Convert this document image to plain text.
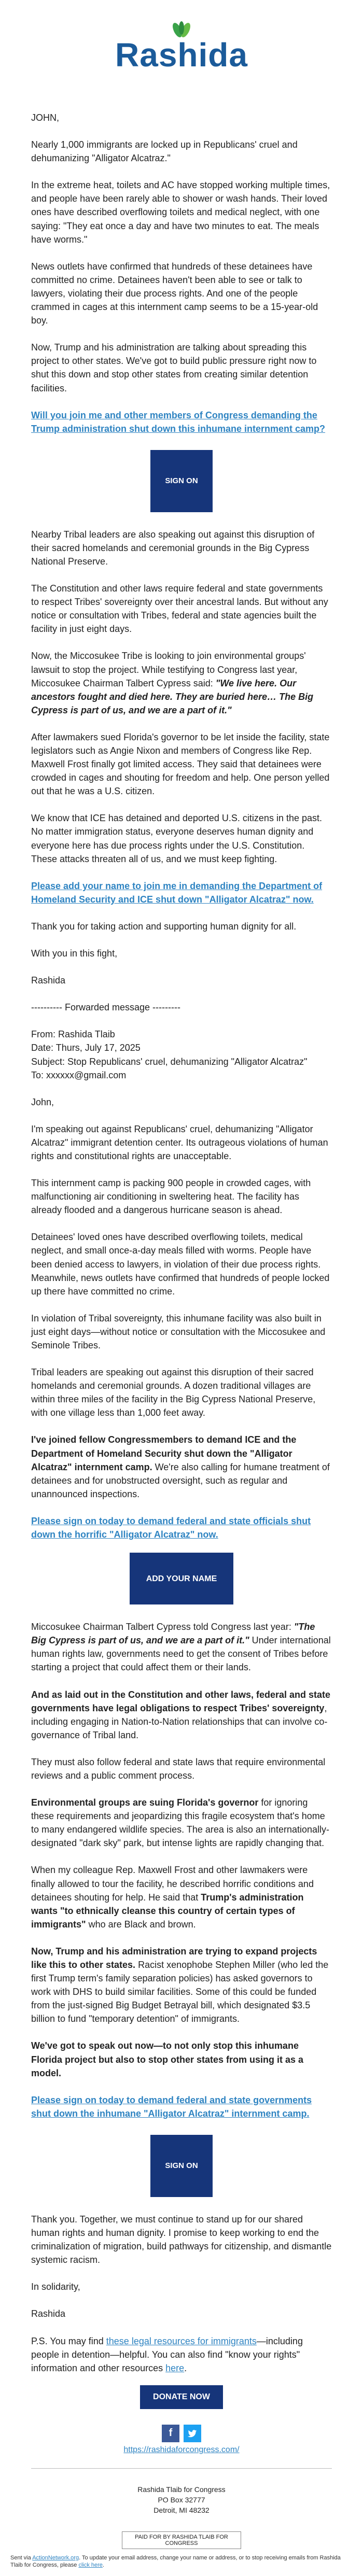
Rashida

JOHN,

Nearly 1,000 immigrants are locked up in Republicans' cruel and dehumanizing "Alligator Alcatraz."

In the extreme heat, toilets and AC have stopped working multiple times, and people have been rarely able to shower or wash hands. Their loved ones have described overflowing toilets and medical neglect, with one saying: "They eat once a day and have two minutes to eat. The meals have worms."

News outlets have confirmed that hundreds of these detainees have committed no crime. Detainees haven't been able to see or talk to lawyers, violating their due process rights. And one of the people crammed in cages at this internment camp seems to be a 15-year-old boy.

Now, Trump and his administration are talking about spreading this project to other states. We've got to build public pressure right now to shut this down and stop other states from creating similar detention facilities.

Will you join me and other members of Congress demanding the Trump administration shut down this inhumane internment camp?

SIGN ON

Nearby Tribal leaders are also speaking out against this disruption of their sacred homelands and ceremonial grounds in the Big Cypress National Preserve.

The Constitution and other laws require federal and state governments to respect Tribes' sovereignty over their ancestral lands. But without any notice or consultation with Tribes, federal and state agencies built the facility in just eight days.

Now, the Miccosukee Tribe is looking to join environmental groups' lawsuit to stop the project. While testifying to Congress last year, Miccosukee Chairman Talbert Cypress said: "We live here. Our ancestors fought and died here. They are buried here… The Big Cypress is part of us, and we are a part of it."

After lawmakers sued Florida's governor to be let inside the facility, state legislators such as Angie Nixon and members of Congress like Rep. Maxwell Frost finally got limited access. They said that detainees were crowded in cages and shouting for freedom and help. One person yelled out that he was a U.S. citizen.

We know that ICE has detained and deported U.S. citizens in the past. No matter immigration status, everyone deserves human dignity and everyone here has due process rights under the U.S. Constitution. These attacks threaten all of us, and we must keep fighting.

Please add your name to join me in demanding the Department of Homeland Security and ICE shut down "Alligator Alcatraz" now.

Thank you for taking action and supporting human dignity for all.

With you in this fight,

Rashida

---------- Forwarded message ---------
From: Rashida Tlaib
Date: Thurs, July 17, 2025
Subject: Stop Republicans' cruel, dehumanizing "Alligator Alcatraz"
To: xxxxxx@gmail.com

John,

I'm speaking out against Republicans' cruel, dehumanizing "Alligator Alcatraz" immigrant detention center. Its outrageous violations of human rights and constitutional rights are unacceptable.

This internment camp is packing 900 people in crowded cages, with malfunctioning air conditioning in sweltering heat. The facility has already flooded and a dangerous hurricane season is ahead.

Detainees' loved ones have described overflowing toilets, medical neglect, and small once-a-day meals filled with worms. People have been denied access to lawyers, in violation of their due process rights. Meanwhile, news outlets have confirmed that hundreds of people locked up there have committed no crime.

In violation of Tribal sovereignty, this inhumane facility was also built in just eight days—without notice or consultation with the Miccosukee and Seminole Tribes.

Tribal leaders are speaking out against this disruption of their sacred homelands and ceremonial grounds. A dozen traditional villages are within three miles of the facility in the Big Cypress National Preserve, with one village less than 1,000 feet away.

I've joined fellow Congressmembers to demand ICE and the Department of Homeland Security shut down the "Alligator Alcatraz" internment camp. We're also calling for humane treatment of detainees and for unobstructed oversight, such as regular and unannounced inspections.

Please sign on today to demand federal and state officials shut down the horrific "Alligator Alcatraz" now.

ADD YOUR NAME

Miccosukee Chairman Talbert Cypress told Congress last year: "The Big Cypress is part of us, and we are a part of it." Under international human rights law, governments need to get the consent of Tribes before starting a project that could affect them or their lands.

And as laid out in the Constitution and other laws, federal and state governments have legal obligations to respect Tribes' sovereignty, including engaging in Nation-to-Nation relationships that can involve co-governance of Tribal land.

They must also follow federal and state laws that require environmental reviews and a public comment process.

Environmental groups are suing Florida's governor for ignoring these requirements and jeopardizing this fragile ecosystem that's home to many endangered wildlife species. The area is also an internationally-designated "dark sky" park, but intense lights are rapidly changing that.

When my colleague Rep. Maxwell Frost and other lawmakers were finally allowed to tour the facility, he described horrific conditions and detainees shouting for help. He said that Trump's administration wants "to ethnically cleanse this country of certain types of immigrants" who are Black and brown.

Now, Trump and his administration are trying to expand projects like this to other states. Racist xenophobe Stephen Miller (who led the first Trump term's family separation policies) has asked governors to work with DHS to build similar facilities. Some of this could be funded from the just-signed Big Budget Betrayal bill, which designated $3.5 billion to fund "temporary detention" of immigrants.

We've got to speak out now—to not only stop this inhumane Florida project but also to stop other states from using it as a model.

Please sign on today to demand federal and state governments shut down the inhumane "Alligator Alcatraz" internment camp.

SIGN ON

Thank you. Together, we must continue to stand up for our shared human rights and human dignity. I promise to keep working to end the criminalization of migration, build pathways for citizenship, and dismantle systemic racism.

In solidarity,

Rashida

P.S. You may find these legal resources for immigrants—including people in detention—helpful. You can also find "know your rights" information and other resources here.

DONATE NOW
f
https://rashidaforcongress.com/
Rashida Tlaib for Congress
PO Box 32777
Detroit, MI 48232
PAID FOR BY RASHIDA TLAIB FOR CONGRESS
Sent via ActionNetwork.org. To update your email address, change your name or address, or to stop receiving emails from Rashida Tlaib for Congress, please click here.
